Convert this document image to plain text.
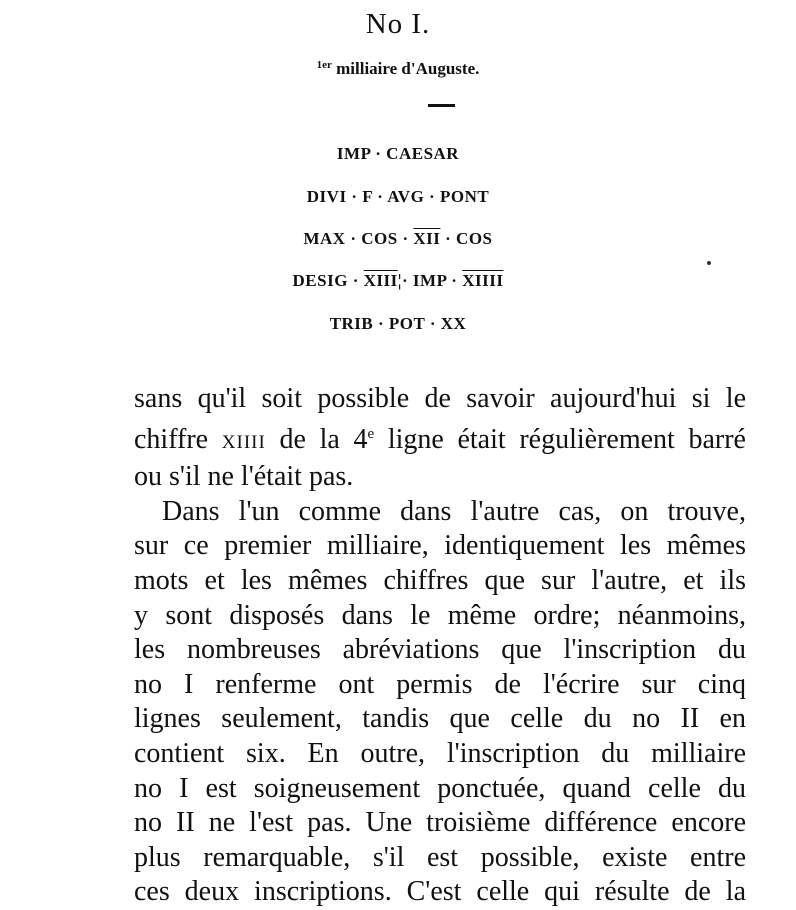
No I.
$^{1er}$ milliaire d'Auguste.
IMP · CAESAR
DIVI · F · AVG · PONT
MAX · COS · $\overline{XII}$ · COS
DESIG · XIII¦· IMP · XIIII
TRIB · POT · XX

sans qu'il soit possible de savoir aujourd'hui si le
chiffre XIIII de la 4e ligne était régulièrement barré
ou s'il ne l'était pas.

Dans l'un comme dans l'autre cas, on trouve,
sur ce premier milliaire, identiquement les mêmes
mots et les mêmes chiffres que sur l'autre, et ils
y sont disposés dans le même ordre; néanmoins,
les nombreuses abréviations que l'inscription du
no I renferme ont permis de l'écrire sur cinq
lignes seulement, tandis que celle du no II en
contient six. En outre, l'inscription du milliaire
no I est soigneusement ponctuée, quand celle du
no II ne l'est pas. Une troisième différence encore
plus remarquable, s'il est possible, existe entre
ces deux inscriptions. C'est celle qui résulte de la
